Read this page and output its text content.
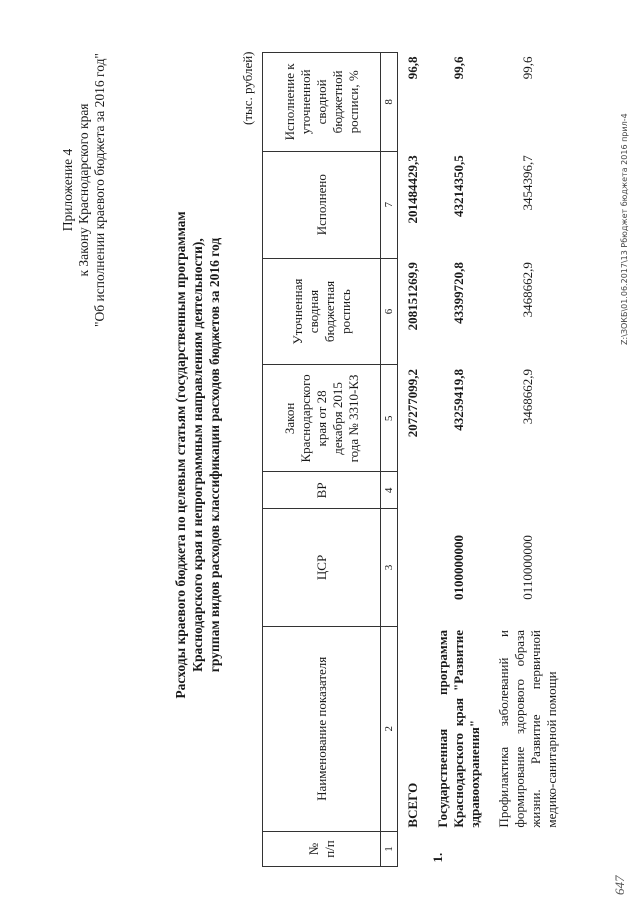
Приложение 4 к Закону Краснодарского края "Об исполнении краевого бюджета за 2016 год"
Расходы краевого бюджета по целевым статьям (государственным программам Краснодарского края и непрограммным направлениям деятельности), группам видов расходов классификации расходов бюджетов за 2016 год
(тыс. рублей)
№ п/п	Наименование показателя	ЦСР	ВР	Закон Краснодарского края от 28 декабря 2015 года № 3310-КЗ	Уточненная сводная бюджетная роспись	Исполнено	Исполнение к уточненной сводной бюджетной росписи, %
1	2	3	4	5	6	7	8
	ВСЕГО			207277099,2	208151269,9	201484429,3	96,8
1.	Государственная программа Краснодарского края "Развитие здравоохранения"	0100000000		43259419,8	43399720,8	43214350,5	99,6
	Профилактика заболеваний и формирование здорового образа жизни. Развитие первичной медико-санитарной помощи	0110000000		3468662,9	3468662,9	3454396,7	99,6
Z:\ЗОКБ\01.06.2017\13 Рбюджет бюджета 2016 прил-4
647
